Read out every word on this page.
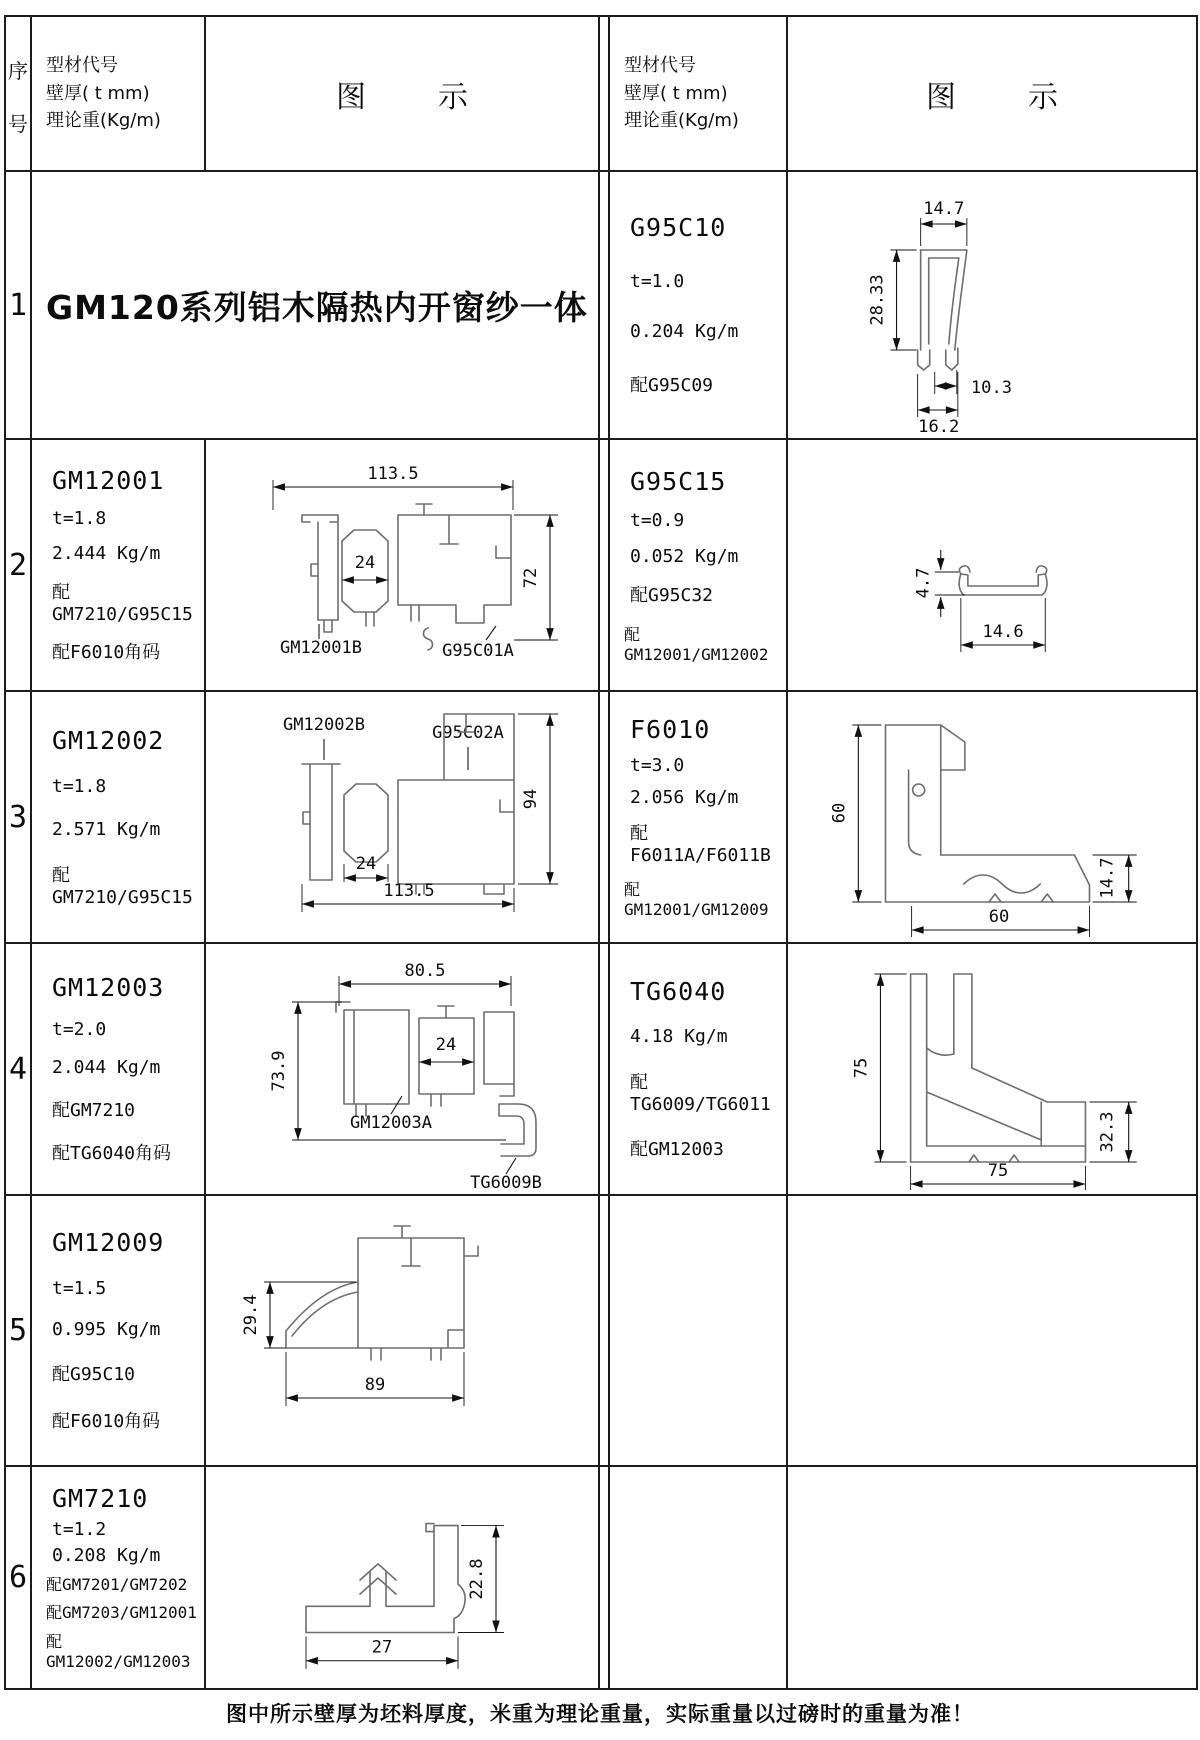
序
号
型材代号
壁厚( t mm)
理论重(Kg/m)
图 示
型材代号
壁厚( t mm)
理论重(Kg/m)
图 示
1 GM120系列铝木隔热内开窗纱一体
G95C10
t=1.0
0.204 Kg/m
配G95C09
14.7
28.33
10.3
16.2
2
GM12001
t=1.8
2.444 Kg/m
配GM7210/G95C15
配F6010角码
113.5
24
72
GM12001B	G95C01A
G95C15
t=0.9
0.052 Kg/m
配G95C32
配GM12001/GM12002
4.7
14.6
3
GM12002
t=1.8
2.571 Kg/m
配GM7210/G95C15
GM12002B	G95C02A
94
24
113.5
F6010
t=3.0
2.056 Kg/m
配F6011A/F6011B
配GM12001/GM12009
60
14.7
60
4
GM12003
t=2.0
2.044 Kg/m
配GM7210
配TG6040角码
80.5
73.9
24
GM12003A
TG6009B
TG6040
4.18 Kg/m
配TG6009/TG6011
配GM12003
75
32.3
75
5
GM12009
t=1.5
0.995 Kg/m
配G95C10
配F6010角码
29.4
89
6
GM7210
t=1.2
0.208 Kg/m
配GM7201/GM7202
配GM7203/GM12001
配GM12002/GM12003
22.8
27
图中所示壁厚为坯料厚度，米重为理论重量，实际重量以过磅时的重量为准！
